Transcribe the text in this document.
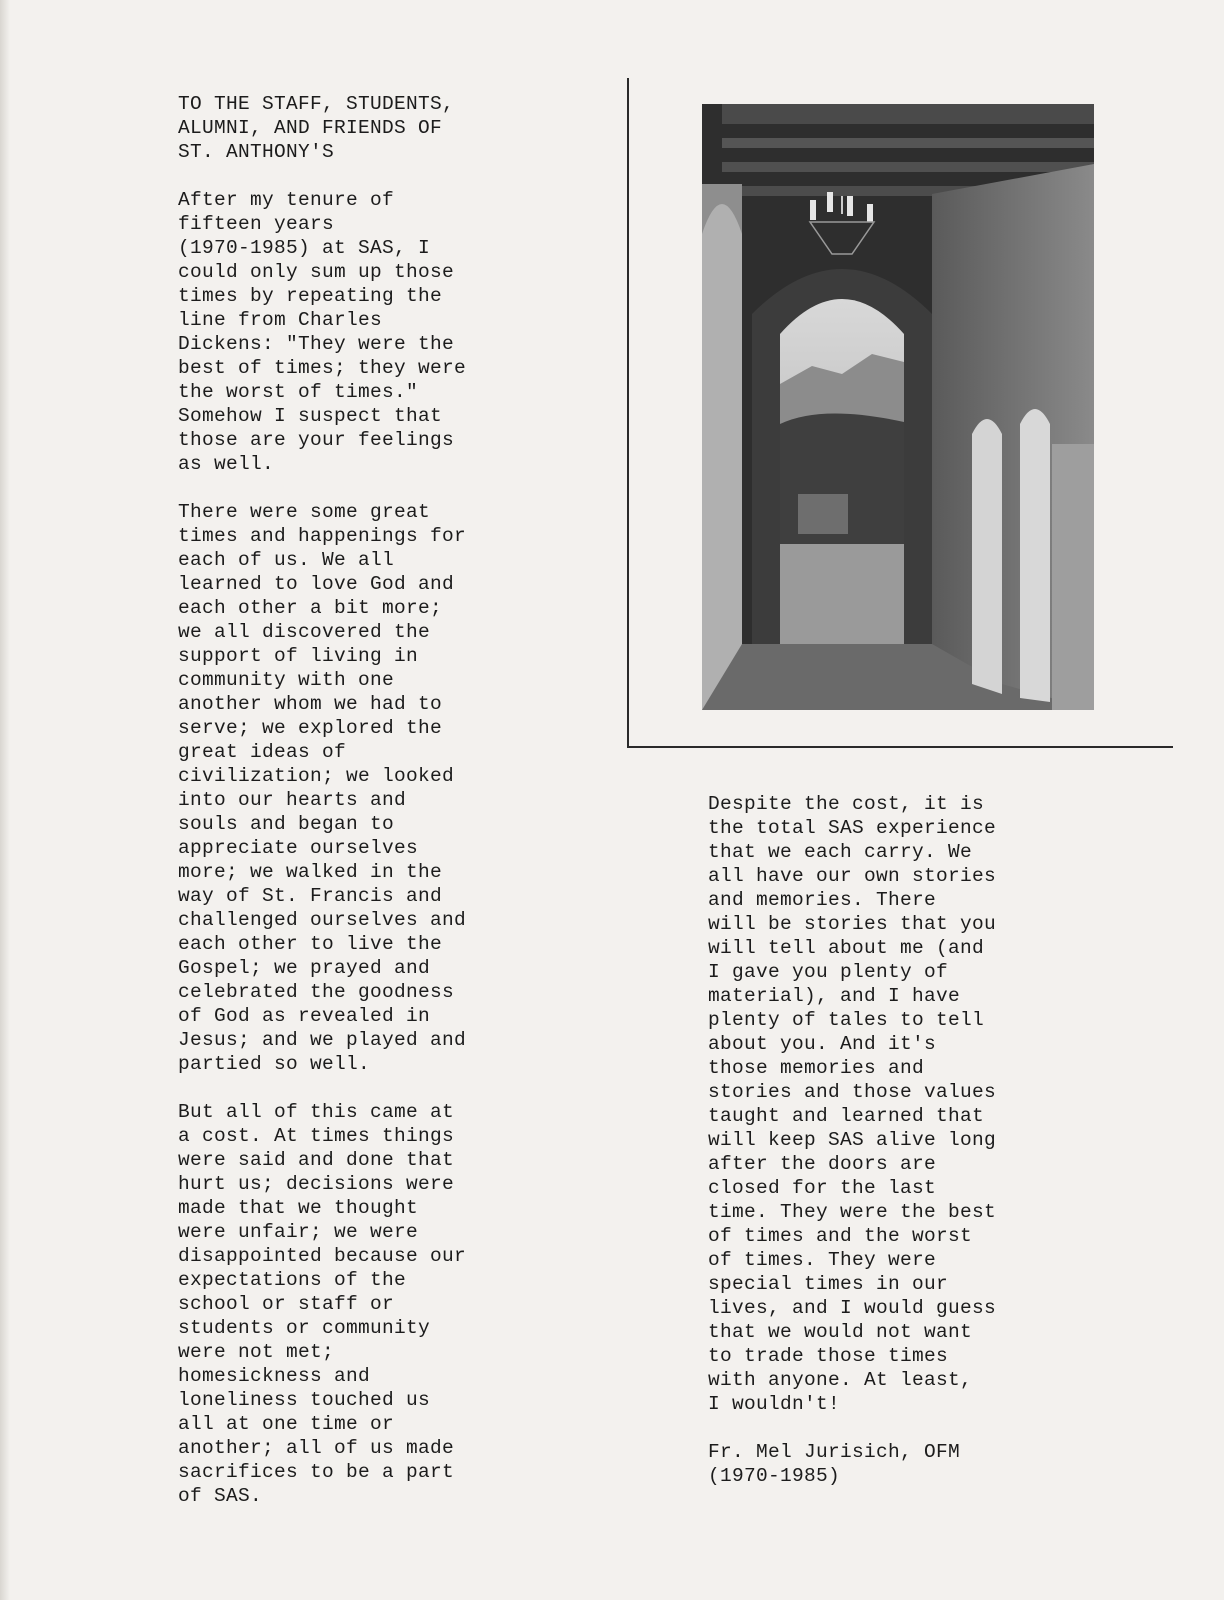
TO THE STAFF, STUDENTS,
ALUMNI, AND FRIENDS OF
ST. ANTHONY'S

After my tenure of
fifteen years
(1970-1985) at SAS, I
could only sum up those
times by repeating the
line from Charles
Dickens: "They were the
best of times; they were
the worst of times."
Somehow I suspect that
those are your feelings
as well.

There were some great
times and happenings for
each of us. We all
learned to love God and
each other a bit more;
we all discovered the
support of living in
community with one
another whom we had to
serve; we explored the
great ideas of
civilization; we looked
into our hearts and
souls and began to
appreciate ourselves
more; we walked in the
way of St. Francis and
challenged ourselves and
each other to live the
Gospel; we prayed and
celebrated the goodness
of God as revealed in
Jesus; and we played and
partied so well.

But all of this came at
a cost. At times things
were said and done that
hurt us; decisions were
made that we thought
were unfair; we were
disappointed because our
expectations of the
school or staff or
students or community
were not met;
homesickness and
loneliness touched us
all at one time or
another; all of us made
sacrifices to be a part
of SAS.

Despite the cost, it is
the total SAS experience
that we each carry. We
all have our own stories
and memories. There
will be stories that you
will tell about me (and
I gave you plenty of
material), and I have
plenty of tales to tell
about you. And it's
those memories and
stories and those values
taught and learned that
will keep SAS alive long
after the doors are
closed for the last
time. They were the best
of times and the worst
of times. They were
special times in our
lives, and I would guess
that we would not want
to trade those times
with anyone. At least,
I wouldn't!

Fr. Mel Jurisich, OFM

(1970-1985)
